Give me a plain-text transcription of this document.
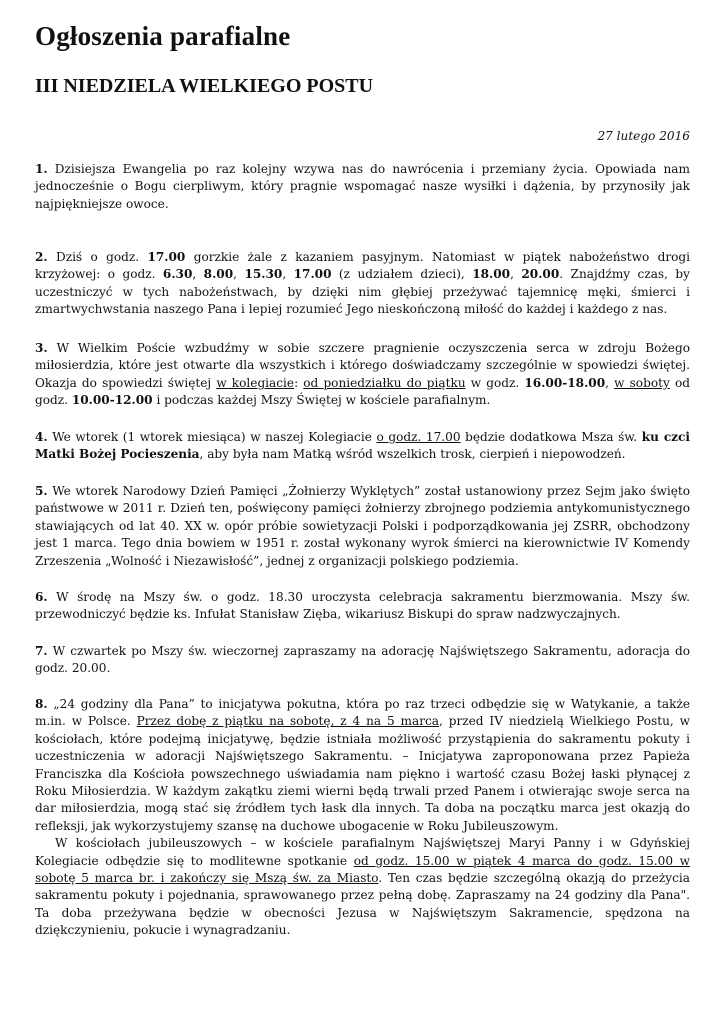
Ogłoszenia parafialne
III NIEDZIELA WIELKIEGO POSTU
27 lutego 2016

1. Dzisiejsza Ewangelia po raz kolejny wzywa nas do nawrócenia i przemiany życia. Opowiada nam jednocześnie o Bogu cierpliwym, który pragnie wspomagać nasze wysiłki i dążenia, by przynosiły jak najpiękniejsze owoce.

2. Dziś o godz. 17.00 gorzkie żale z kazaniem pasyjnym. Natomiast w piątek nabożeństwo drogi krzyżowej: o godz. 6.30, 8.00, 15.30, 17.00 (z udziałem dzieci), 18.00, 20.00. Znajdźmy czas, by uczestniczyć w tych nabożeństwach, by dzięki nim głębiej przeżywać tajemnicę męki, śmierci i zmartwychwstania naszego Pana i lepiej rozumieć Jego nieskończoną miłość do każdej i każdego z nas.

3. W Wielkim Poście wzbudźmy w sobie szczere pragnienie oczyszczenia serca w zdroju Bożego miłosierdzia, które jest otwarte dla wszystkich i którego doświadczamy szczególnie w spowiedzi świętej. Okazja do spowiedzi świętej w kolegiacie: od poniedziałku do piątku w godz. 16.00-18.00, w soboty od godz. 10.00-12.00 i podczas każdej Mszy Świętej w kościele parafialnym.

4. We wtorek (1 wtorek miesiąca) w naszej Kolegiacie o godz. 17.00 będzie dodatkowa Msza św. ku czci Matki Bożej Pocieszenia, aby była nam Matką wśród wszelkich trosk, cierpień i niepowodzeń.

5. We wtorek Narodowy Dzień Pamięci „Żołnierzy Wyklętych” został ustanowiony przez Sejm jako święto państwowe w 2011 r. Dzień ten, poświęcony pamięci żołnierzy zbrojnego podziemia antykomunistycznego stawiających od lat 40. XX w. opór próbie sowietyzacji Polski i podporządkowania jej ZSRR, obchodzony jest 1 marca. Tego dnia bowiem w 1951 r. został wykonany wyrok śmierci na kierownictwie IV Komendy Zrzeszenia „Wolność i Niezawisłość”, jednej z organizacji polskiego podziemia.

6. W środę na Mszy św. o godz. 18.30 uroczysta celebracja sakramentu bierzmowania. Mszy św. przewodniczyć będzie ks. Infułat Stanisław Zięba, wikariusz Biskupi do spraw nadzwyczajnych.

7. W czwartek po Mszy św. wieczornej zapraszamy na adorację Najświętszego Sakramentu, adoracja do godz. 20.00.

8. „24 godziny dla Pana” to inicjatywa pokutna, która po raz trzeci odbędzie się w Watykanie, a także m.in. w Polsce. Przez dobę z piątku na sobotę, z 4 na 5 marca, przed IV niedzielą Wielkiego Postu, w kościołach, które podejmą inicjatywę, będzie istniała możliwość przystąpienia do sakramentu pokuty i uczestniczenia w adoracji Najświętszego Sakramentu. – Inicjatywa zaproponowana przez Papieża Franciszka dla Kościoła powszechnego uświadamia nam piękno i wartość czasu Bożej łaski płynącej z Roku Miłosierdzia. W każdym zakątku ziemi wierni będą trwali przed Panem i otwierając swoje serca na dar miłosierdzia, mogą stać się źródłem tych łask dla innych. Ta doba na początku marca jest okazją do refleksji, jak wykorzystujemy szansę na duchowe ubogacenie w Roku Jubileuszowym.

W kościołach jubileuszowych – w kościele parafialnym Najświętszej Maryi Panny i w Gdyńskiej Kolegiacie odbędzie się to modlitewne spotkanie od godz. 15.00 w piątek 4 marca do godz. 15.00 w sobotę 5 marca br. i zakończy się Mszą św. za Miasto. Ten czas będzie szczególną okazją do przeżycia sakramentu pokuty i pojednania, sprawowanego przez pełną dobę. Zapraszamy na 24 godziny dla Pana". Ta doba przeżywana będzie w obecności Jezusa w Najświętszym Sakramencie, spędzona na dziękczynieniu, pokucie i wynagradzaniu.
